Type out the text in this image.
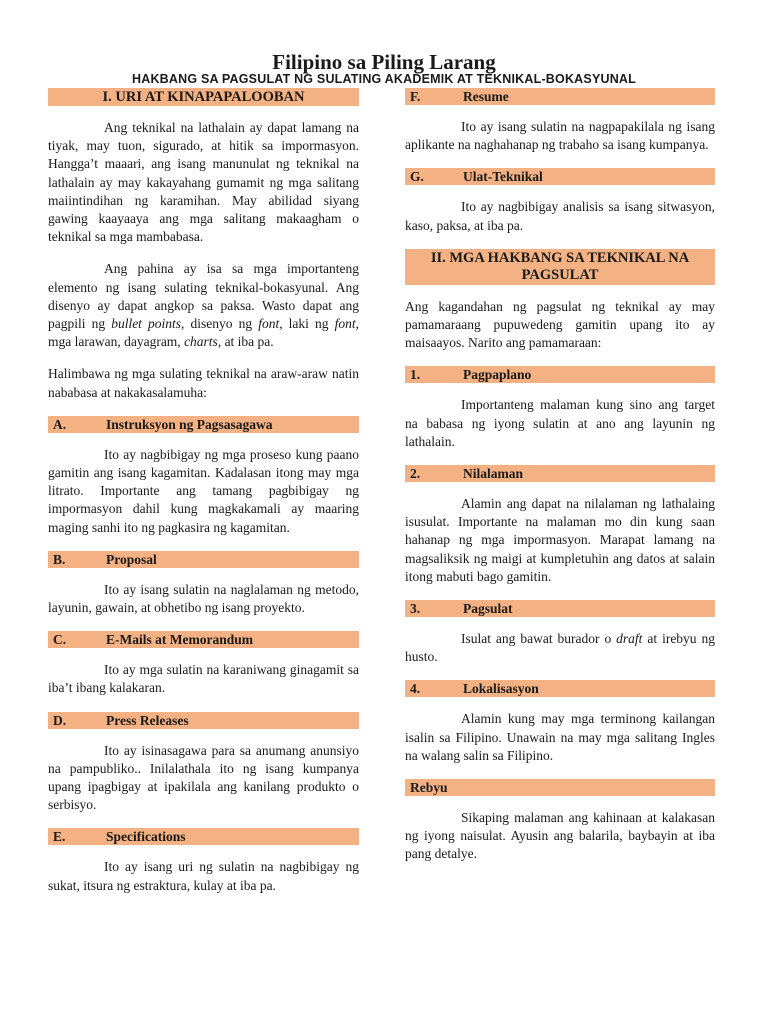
Filipino sa Piling Larang
HAKBANG SA PAGSULAT NG SULATING AKADEMIK AT TEKNIKAL-BOKASYUNAL
I. URI AT KINAPAPALOOBAN

Ang teknikal na lathalain ay dapat lamang na tiyak, may tuon, sigurado, at hitik sa impormasyon. Hangga’t maaari, ang isang manunulat ng teknikal na lathalain ay may kakayahang gumamit ng mga salitang maiintindihan ng karamihan. May abilidad siyang gawing kaayaaya ang mga salitang makaagham o teknikal sa mga mambabasa.

Ang pahina ay isa sa mga importanteng elemento ng isang sulating teknikal-bokasyunal. Ang disenyo ay dapat angkop sa paksa. Wasto dapat ang pagpili ng bullet points, disenyo ng font, laki ng font, mga larawan, dayagram, charts, at iba pa.

Halimbawa ng mga sulating teknikal na araw-araw natin nababasa at nakakasalamuha:

A.	Instruksyon ng Pagsasagawa

Ito ay nagbibigay ng mga proseso kung paano gamitin ang isang kagamitan. Kadalasan itong may mga litrato. Importante ang tamang pagbibigay ng impormasyon dahil kung magkakamali ay maaring maging sanhi ito ng pagkasira ng kagamitan.

B.	Proposal

Ito ay isang sulatin na naglalaman ng metodo, layunin, gawain, at obhetibo ng isang proyekto.

C.	E-Mails at Memorandum

Ito ay mga sulatin na karaniwang ginagamit sa iba’t ibang kalakaran.

D.	Press Releases

Ito ay isinasagawa para sa anumang anunsiyo na pampubliko.. Inilalathala ito ng isang kumpanya upang ipagbigay at ipakilala ang kanilang produkto o serbisyo.

E.	Specifications

Ito ay isang uri ng sulatin na nagbibigay ng sukat, itsura ng estraktura, kulay at iba pa.

F.	Resume

Ito ay isang sulatin na nagpapakilala ng isang aplikante na naghahanap ng trabaho sa isang kumpanya.

G.	Ulat-Teknikal

Ito ay nagbibigay analisis sa isang sitwasyon, kaso, paksa, at iba pa.

II. MGA HAKBANG SA TEKNIKAL NA
PAGSULAT

Ang kagandahan ng pagsulat ng teknikal ay may pamamaraang pupuwedeng gamitin upang ito ay maisaayos. Narito ang pamamaraan:

1.	Pagpaplano

Importanteng malaman kung sino ang target na babasa ng iyong sulatin at ano ang layunin ng lathalain.

2.	Nilalaman

Alamin ang dapat na nilalaman ng lathalaing isusulat. Importante na malaman mo din kung saan hahanap ng mga impormasyon. Marapat lamang na magsaliksik ng maigi at kumpletuhin ang datos at salain itong mabuti bago gamitin.

3.	Pagsulat

Isulat ang bawat burador o draft at irebyu ng husto.

4.	Lokalisasyon

Alamin kung may mga terminong kailangan isalin sa Filipino. Unawain na may mga salitang Ingles na walang salin sa Filipino.

Rebyu

Sikaping malaman ang kahinaan at kalakasan ng iyong naisulat. Ayusin ang balarila, baybayin at iba pang detalye.
